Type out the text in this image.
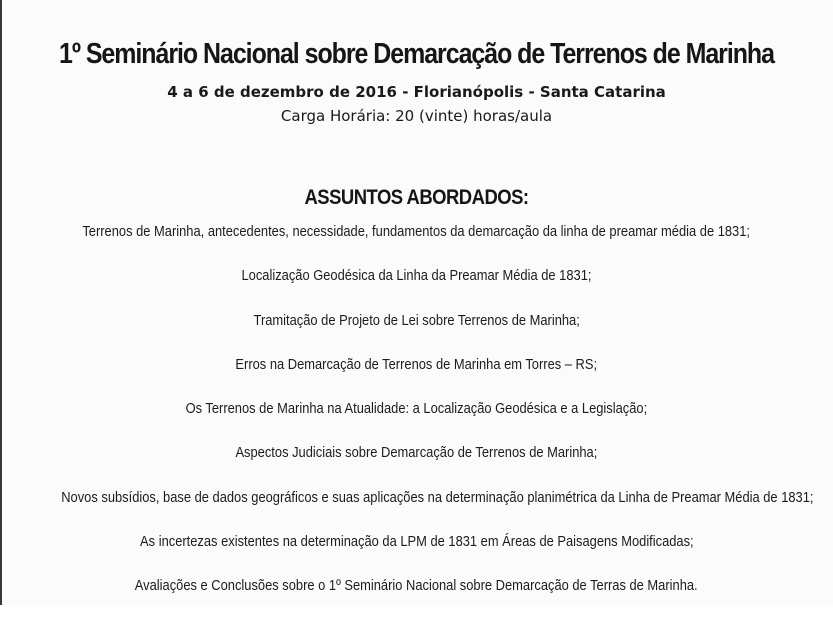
1º Seminário Nacional sobre Demarcação de Terrenos de Marinha
4 a 6 de dezembro de 2016 - Florianópolis - Santa Catarina
Carga Horária: 20 (vinte) horas/aula
ASSUNTOS ABORDADOS:
Terrenos de Marinha, antecedentes, necessidade, fundamentos da demarcação da linha de preamar média de 1831;
Localização Geodésica da Linha da Preamar Média de 1831;
Tramitação de Projeto de Lei sobre Terrenos de Marinha;
Erros na Demarcação de Terrenos de Marinha em Torres – RS;
Os Terrenos de Marinha na Atualidade: a Localização Geodésica e a Legislação;
Aspectos Judiciais sobre Demarcação de Terrenos de Marinha;
Novos subsídios, base de dados geográficos e suas aplicações na determinação planimétrica da Linha de Preamar Média de 1831;
As incertezas existentes na determinação da LPM de 1831 em Áreas de Paisagens Modificadas;
Avaliações e Conclusões sobre o 1º Seminário Nacional sobre Demarcação de Terras de Marinha.
